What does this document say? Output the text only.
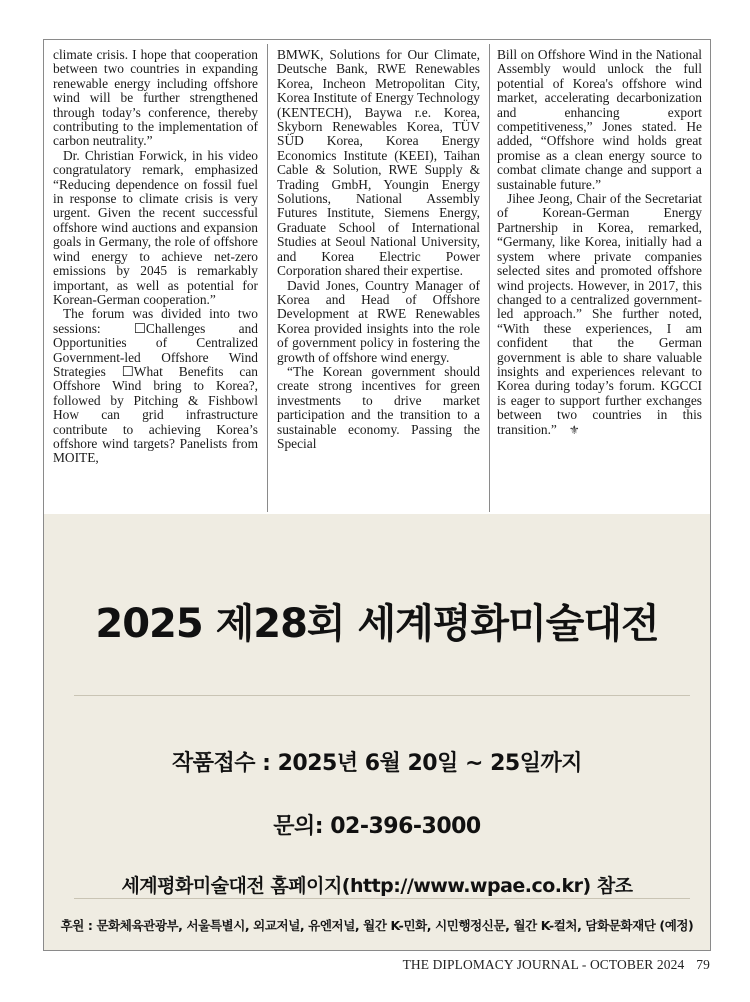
climate crisis. I hope that cooperation between two countries in expanding renewable energy including offshore wind will be further strengthened through today’s conference, thereby contributing to the implementation of carbon neutrality.”

Dr. Christian Forwick, in his video congratulatory remark, emphasized “Reducing dependence on fossil fuel in response to climate crisis is very urgent. Given the recent successful offshore wind auctions and expansion goals in Germany, the role of offshore wind energy to achieve net-zero emissions by 2045 is remarkably important, as well as potential for Korean-German cooperation.”

The forum was divided into two sessions: ☐Challenges and Opportunities of Centralized Government-led Offshore Wind Strategies ☐What Benefits can Offshore Wind bring to Korea?, followed by Pitching & Fishbowl How can grid infrastructure contribute to achieving Korea’s offshore wind targets? Panelists from MOITE,

BMWK, Solutions for Our Climate, Deutsche Bank, RWE Renewables Korea, Incheon Metropolitan City, Korea Institute of Energy Technology (KENTECH), Baywa r.e. Korea, Skyborn Renewables Korea, TÜV SÜD Korea, Korea Energy Economics Institute (KEEI), Taihan Cable & Solution, RWE Supply & Trading GmbH, Youngin Energy Solutions, National Assembly Futures Institute, Siemens Energy, Graduate School of International Studies at Seoul National University, and Korea Electric Power Corporation shared their expertise.

David Jones, Country Manager of Korea and Head of Offshore Development at RWE Renewables Korea provided insights into the role of government policy in fostering the growth of offshore wind energy.

“The Korean government should create strong incentives for green investments to drive market participation and the transition to a sustainable economy. Passing the Special

Bill on Offshore Wind in the National Assembly would unlock the full potential of Korea's offshore wind market, accelerating decarbonization and enhancing export competitiveness,” Jones stated. He added, “Offshore wind holds great promise as a clean energy source to combat climate change and support a sustainable future.”

Jihee Jeong, Chair of the Secretariat of Korean-German Energy Partnership in Korea, remarked, “Germany, like Korea, initially had a system where private companies selected sites and promoted offshore wind projects. However, in 2017, this changed to a centralized government-led approach.” She further noted, “With these experiences, I am confident that the German government is able to share valuable insights and experiences relevant to Korea during today’s forum. KGCCI is eager to support further exchanges between two countries in this transition.” ⚜

2025 제28회 세계평화미술대전
작품접수 : 2025년 6월 20일 ~ 25일까지
문의: 02-396-3000
세계평화미술대전 홈페이지(http://www.wpae.co.kr) 참조
후원 : 문화체육관광부, 서울특별시, 외교저널, 유엔저널, 월간 K-민화, 시민행정신문, 월간 K-컬처, 담화문화재단 (예정)
THE DIPLOMACY JOURNAL - OCTOBER 2024 79
